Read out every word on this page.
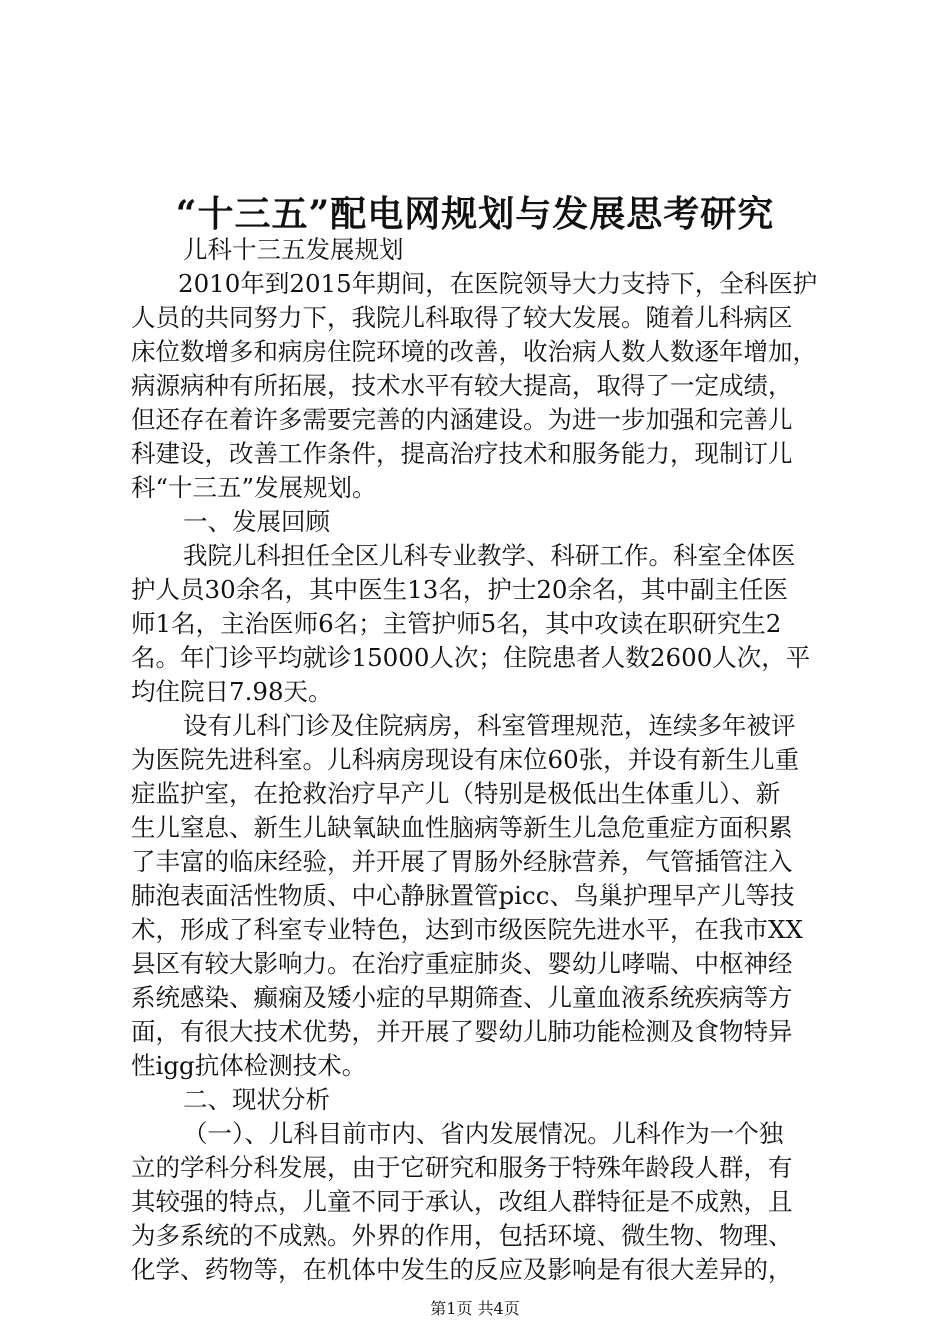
“十三五”配电网规划与发展思考研究
儿科十三五发展规划
2010年到2015年期间，在医院领导大力支持下，全科医护
人员的共同努力下，我院儿科取得了较大发展。随着儿科病区
床位数增多和病房住院环境的改善，收治病人数人数逐年增加，
病源病种有所拓展，技术水平有较大提高，取得了一定成绩，
但还存在着许多需要完善的内涵建设。为进一步加强和完善儿
科建设，改善工作条件，提高治疗技术和服务能力，现制订儿
科“十三五”发展规划。
一、发展回顾
我院儿科担任全区儿科专业教学、科研工作。科室全体医
护人员30余名，其中医生13名，护士20余名，其中副主任医
师1名，主治医师6名；主管护师5名，其中攻读在职研究生2
名。年门诊平均就诊15000人次；住院患者人数2600人次，平
均住院日7.98天。
设有儿科门诊及住院病房，科室管理规范，连续多年被评
为医院先进科室。儿科病房现设有床位60张，并设有新生儿重
症监护室，在抢救治疗早产儿（特别是极低出生体重儿）、新
生儿窒息、新生儿缺氧缺血性脑病等新生儿急危重症方面积累
了丰富的临床经验，并开展了胃肠外经脉营养，气管插管注入
肺泡表面活性物质、中心静脉置管picc、鸟巢护理早产儿等技
术，形成了科室专业特色，达到市级医院先进水平，在我市XX
县区有较大影响力。在治疗重症肺炎、婴幼儿哮喘、中枢神经
系统感染、癫痫及矮小症的早期筛查、儿童血液系统疾病等方
面，有很大技术优势，并开展了婴幼儿肺功能检测及食物特异
性igg抗体检测技术。
二、现状分析
（一）、儿科目前市内、省内发展情况。儿科作为一个独
立的学科分科发展，由于它研究和服务于特殊年龄段人群，有
其较强的特点，儿童不同于承认，改组人群特征是不成熟，且
为多系统的不成熟。外界的作用，包括环境、微生物、物理、
化学、药物等，在机体中发生的反应及影响是有很大差异的，
第1页 共4页
